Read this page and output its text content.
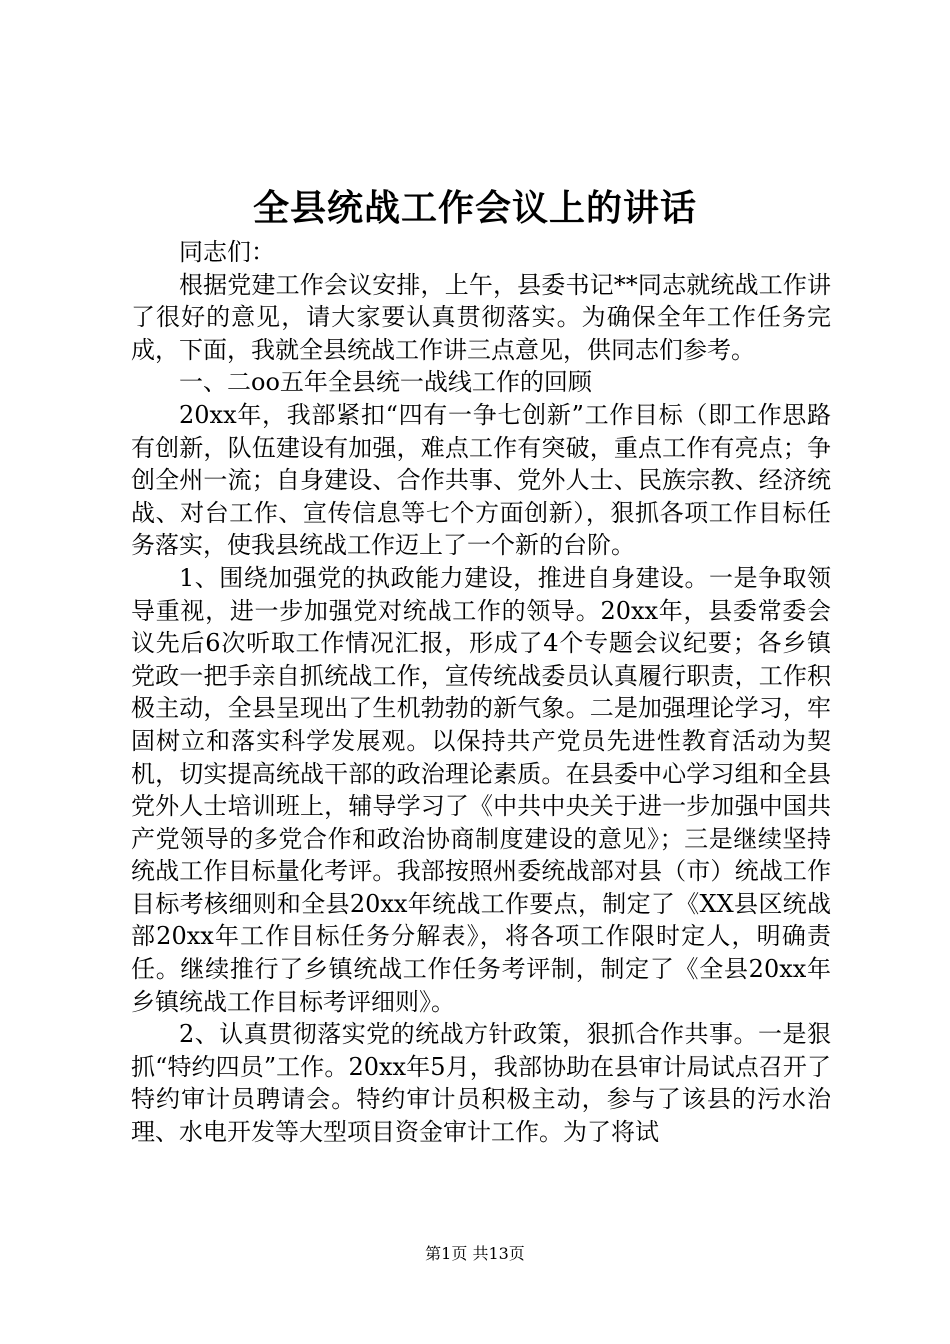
全县统战工作会议上的讲话

同志们：

根据党建工作会议安排，上午，县委书记**同志就统战工作讲了很好的意见，请大家要认真贯彻落实。为确保全年工作任务完成，下面，我就全县统战工作讲三点意见，供同志们参考。

一、二oo五年全县统一战线工作的回顾

20xx年，我部紧扣“四有一争七创新”工作目标（即工作思路有创新，队伍建设有加强，难点工作有突破，重点工作有亮点；争创全州一流；自身建设、合作共事、党外人士、民族宗教、经济统战、对台工作、宣传信息等七个方面创新），狠抓各项工作目标任务落实，使我县统战工作迈上了一个新的台阶。

1、围绕加强党的执政能力建设，推进自身建设。一是争取领导重视，进一步加强党对统战工作的领导。20xx年，县委常委会议先后6次听取工作情况汇报，形成了4个专题会议纪要；各乡镇党政一把手亲自抓统战工作，宣传统战委员认真履行职责，工作积极主动，全县呈现出了生机勃勃的新气象。二是加强理论学习，牢固树立和落实科学发展观。以保持共产党员先进性教育活动为契机，切实提高统战干部的政治理论素质。在县委中心学习组和全县党外人士培训班上，辅导学习了《中共中央关于进一步加强中国共产党领导的多党合作和政治协商制度建设的意见》；三是继续坚持统战工作目标量化考评。我部按照州委统战部对县（市）统战工作目标考核细则和全县20xx年统战工作要点，制定了《XX县区统战部20xx年工作目标任务分解表》，将各项工作限时定人，明确责任。继续推行了乡镇统战工作任务考评制，制定了《全县20xx年乡镇统战工作目标考评细则》。

2、认真贯彻落实党的统战方针政策，狠抓合作共事。一是狠抓“特约四员”工作。20xx年5月，我部协助在县审计局试点召开了特约审计员聘请会。特约审计员积极主动，参与了该县的污水治理、水电开发等大型项目资金审计工作。为了将试

第1页 共13页
